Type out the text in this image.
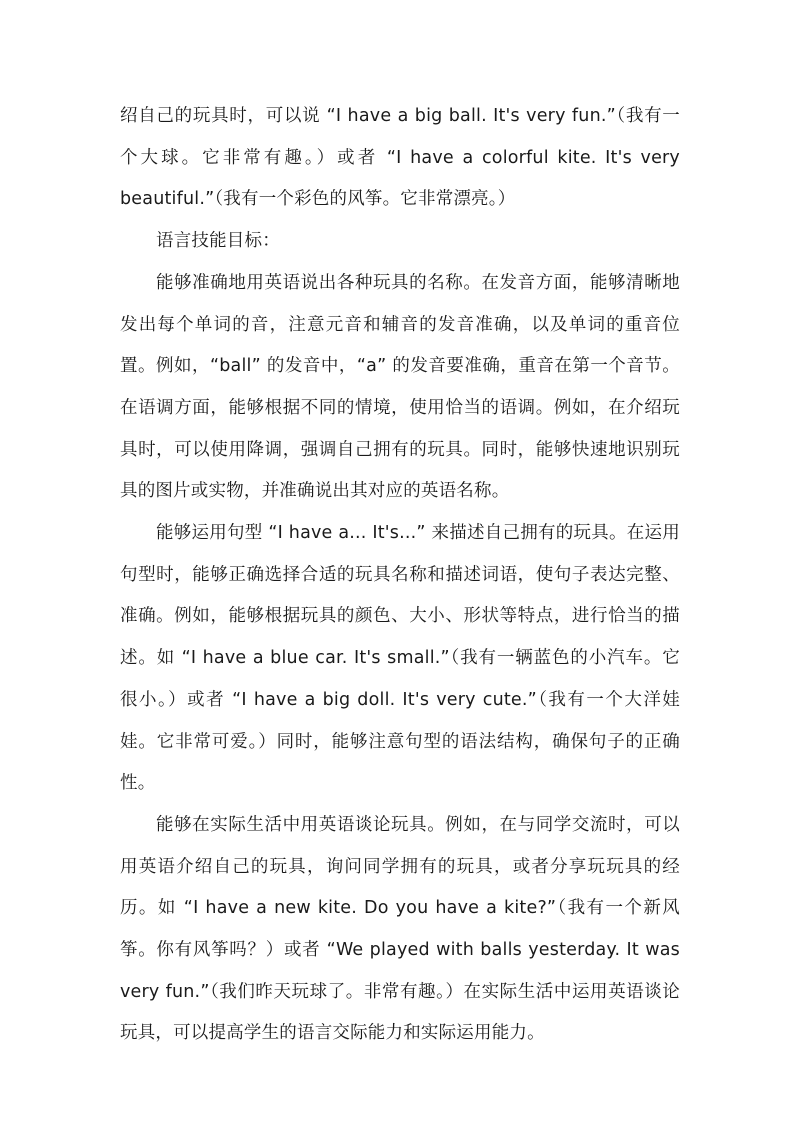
绍自己的玩具时，可以说 “I have a big ball. It's very fun.”（我有一个大球。它非常有趣。）或者 “I have a colorful kite. It's very beautiful.”（我有一个彩色的风筝。它非常漂亮。）

语言技能目标：

能够准确地用英语说出各种玩具的名称。在发音方面，能够清晰地发出每个单词的音，注意元音和辅音的发音准确，以及单词的重音位置。例如，“ball” 的发音中，“a” 的发音要准确，重音在第一个音节。在语调方面，能够根据不同的情境，使用恰当的语调。例如，在介绍玩具时，可以使用降调，强调自己拥有的玩具。同时，能够快速地识别玩具的图片或实物，并准确说出其对应的英语名称。

能够运用句型 “I have a... It's...” 来描述自己拥有的玩具。在运用句型时，能够正确选择合适的玩具名称和描述词语，使句子表达完整、准确。例如，能够根据玩具的颜色、大小、形状等特点，进行恰当的描述。如 “I have a blue car. It's small.”（我有一辆蓝色的小汽车。它很小。）或者 “I have a big doll. It's very cute.”（我有一个大洋娃娃。它非常可爱。）同时，能够注意句型的语法结构，确保句子的正确性。

能够在实际生活中用英语谈论玩具。例如，在与同学交流时，可以用英语介绍自己的玩具，询问同学拥有的玩具，或者分享玩玩具的经历。如 “I have a new kite. Do you have a kite?”（我有一个新风筝。你有风筝吗？）或者 “We played with balls yesterday. It was very fun.”（我们昨天玩球了。非常有趣。）在实际生活中运用英语谈论玩具，可以提高学生的语言交际能力和实际运用能力。
